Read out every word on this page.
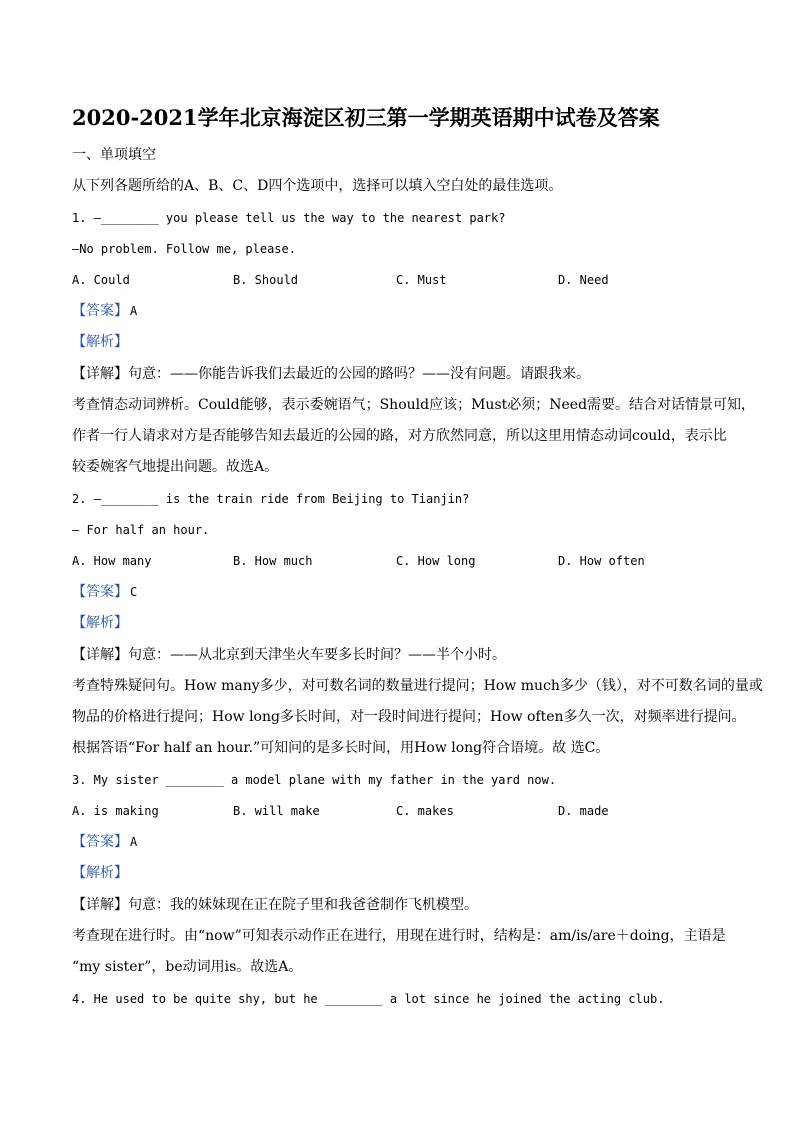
2020-2021学年北京海淀区初三第一学期英语期中试卷及答案
一、单项填空
从下列各题所给的A、B、C、D四个选项中，选择可以填入空白处的最佳选项。
1. —________ you please tell us the way to the nearest park?
—No problem. Follow me, please.
A. Could	B. Should	C. Must	D. Need
【答案】 A
【解析】
【详解】句意：——你能告诉我们去最近的公园的路吗？——没有问题。请跟我来。
考查情态动词辨析。Could能够，表示委婉语气；Should应该；Must必须；Need需要。结合对话情景可知，
作者一行人请求对方是否能够告知去最近的公园的路，对方欣然同意，所以这里用情态动词could，表示比
较委婉客气地提出问题。故选A。
2. —________ is the train ride from Beijing to Tianjin?
— For half an hour.
A. How many	B. How much	C. How long	D. How often
【答案】 C
【解析】
【详解】句意：——从北京到天津坐火车要多长时间？——半个小时。
考查特殊疑问句。How many多少，对可数名词的数量进行提问；How much多少（钱），对不可数名词的量或
物品的价格进行提问；How long多长时间，对一段时间进行提问；How often多久一次，对频率进行提问。
根据答语“For half an hour.”可知问的是多长时间，用How long符合语境。故 选C。
3. My sister ________ a model plane with my father in the yard now.
A. is making	B. will make	C. makes	D. made
【答案】 A
【解析】
【详解】句意：我的妹妹现在正在院子里和我爸爸制作飞机模型。
考查现在进行时。由“now”可知表示动作正在进行，用现在进行时，结构是：am/is/are＋doing，主语是
“my sister”，be动词用is。故选A。
4. He used to be quite shy, but he ________ a lot since he joined the acting club.
